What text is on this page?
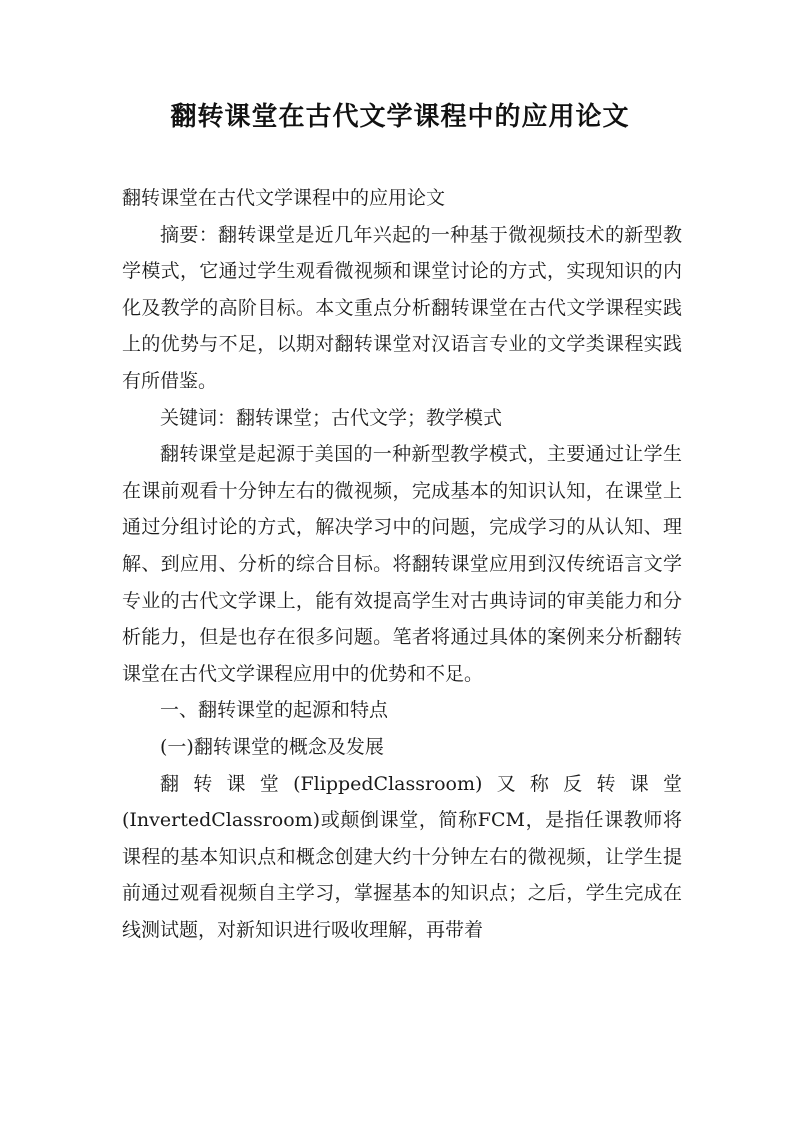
翻转课堂在古代文学课程中的应用论文

翻转课堂在古代文学课程中的应用论文

摘要：翻转课堂是近几年兴起的一种基于微视频技术的新型教学模式，它通过学生观看微视频和课堂讨论的方式，实现知识的内化及教学的高阶目标。本文重点分析翻转课堂在古代文学课程实践上的优势与不足，以期对翻转课堂对汉语言专业的文学类课程实践有所借鉴。

关键词：翻转课堂；古代文学；教学模式

翻转课堂是起源于美国的一种新型教学模式，主要通过让学生在课前观看十分钟左右的微视频，完成基本的知识认知，在课堂上通过分组讨论的方式，解决学习中的问题，完成学习的从认知、理解、到应用、分析的综合目标。将翻转课堂应用到汉传统语言文学专业的古代文学课上，能有效提高学生对古典诗词的审美能力和分析能力，但是也存在很多问题。笔者将通过具体的案例来分析翻转课堂在古代文学课程应用中的优势和不足。

一、翻转课堂的起源和特点

(一)翻转课堂的概念及发展

翻转课堂(FlippedClassroom)又称反转课堂(InvertedClassroom)或颠倒课堂，简称FCM，是指任课教师将课程的基本知识点和概念创建大约十分钟左右的微视频，让学生提前通过观看视频自主学习，掌握基本的知识点；之后，学生完成在线测试题，对新知识进行吸收理解，再带着
